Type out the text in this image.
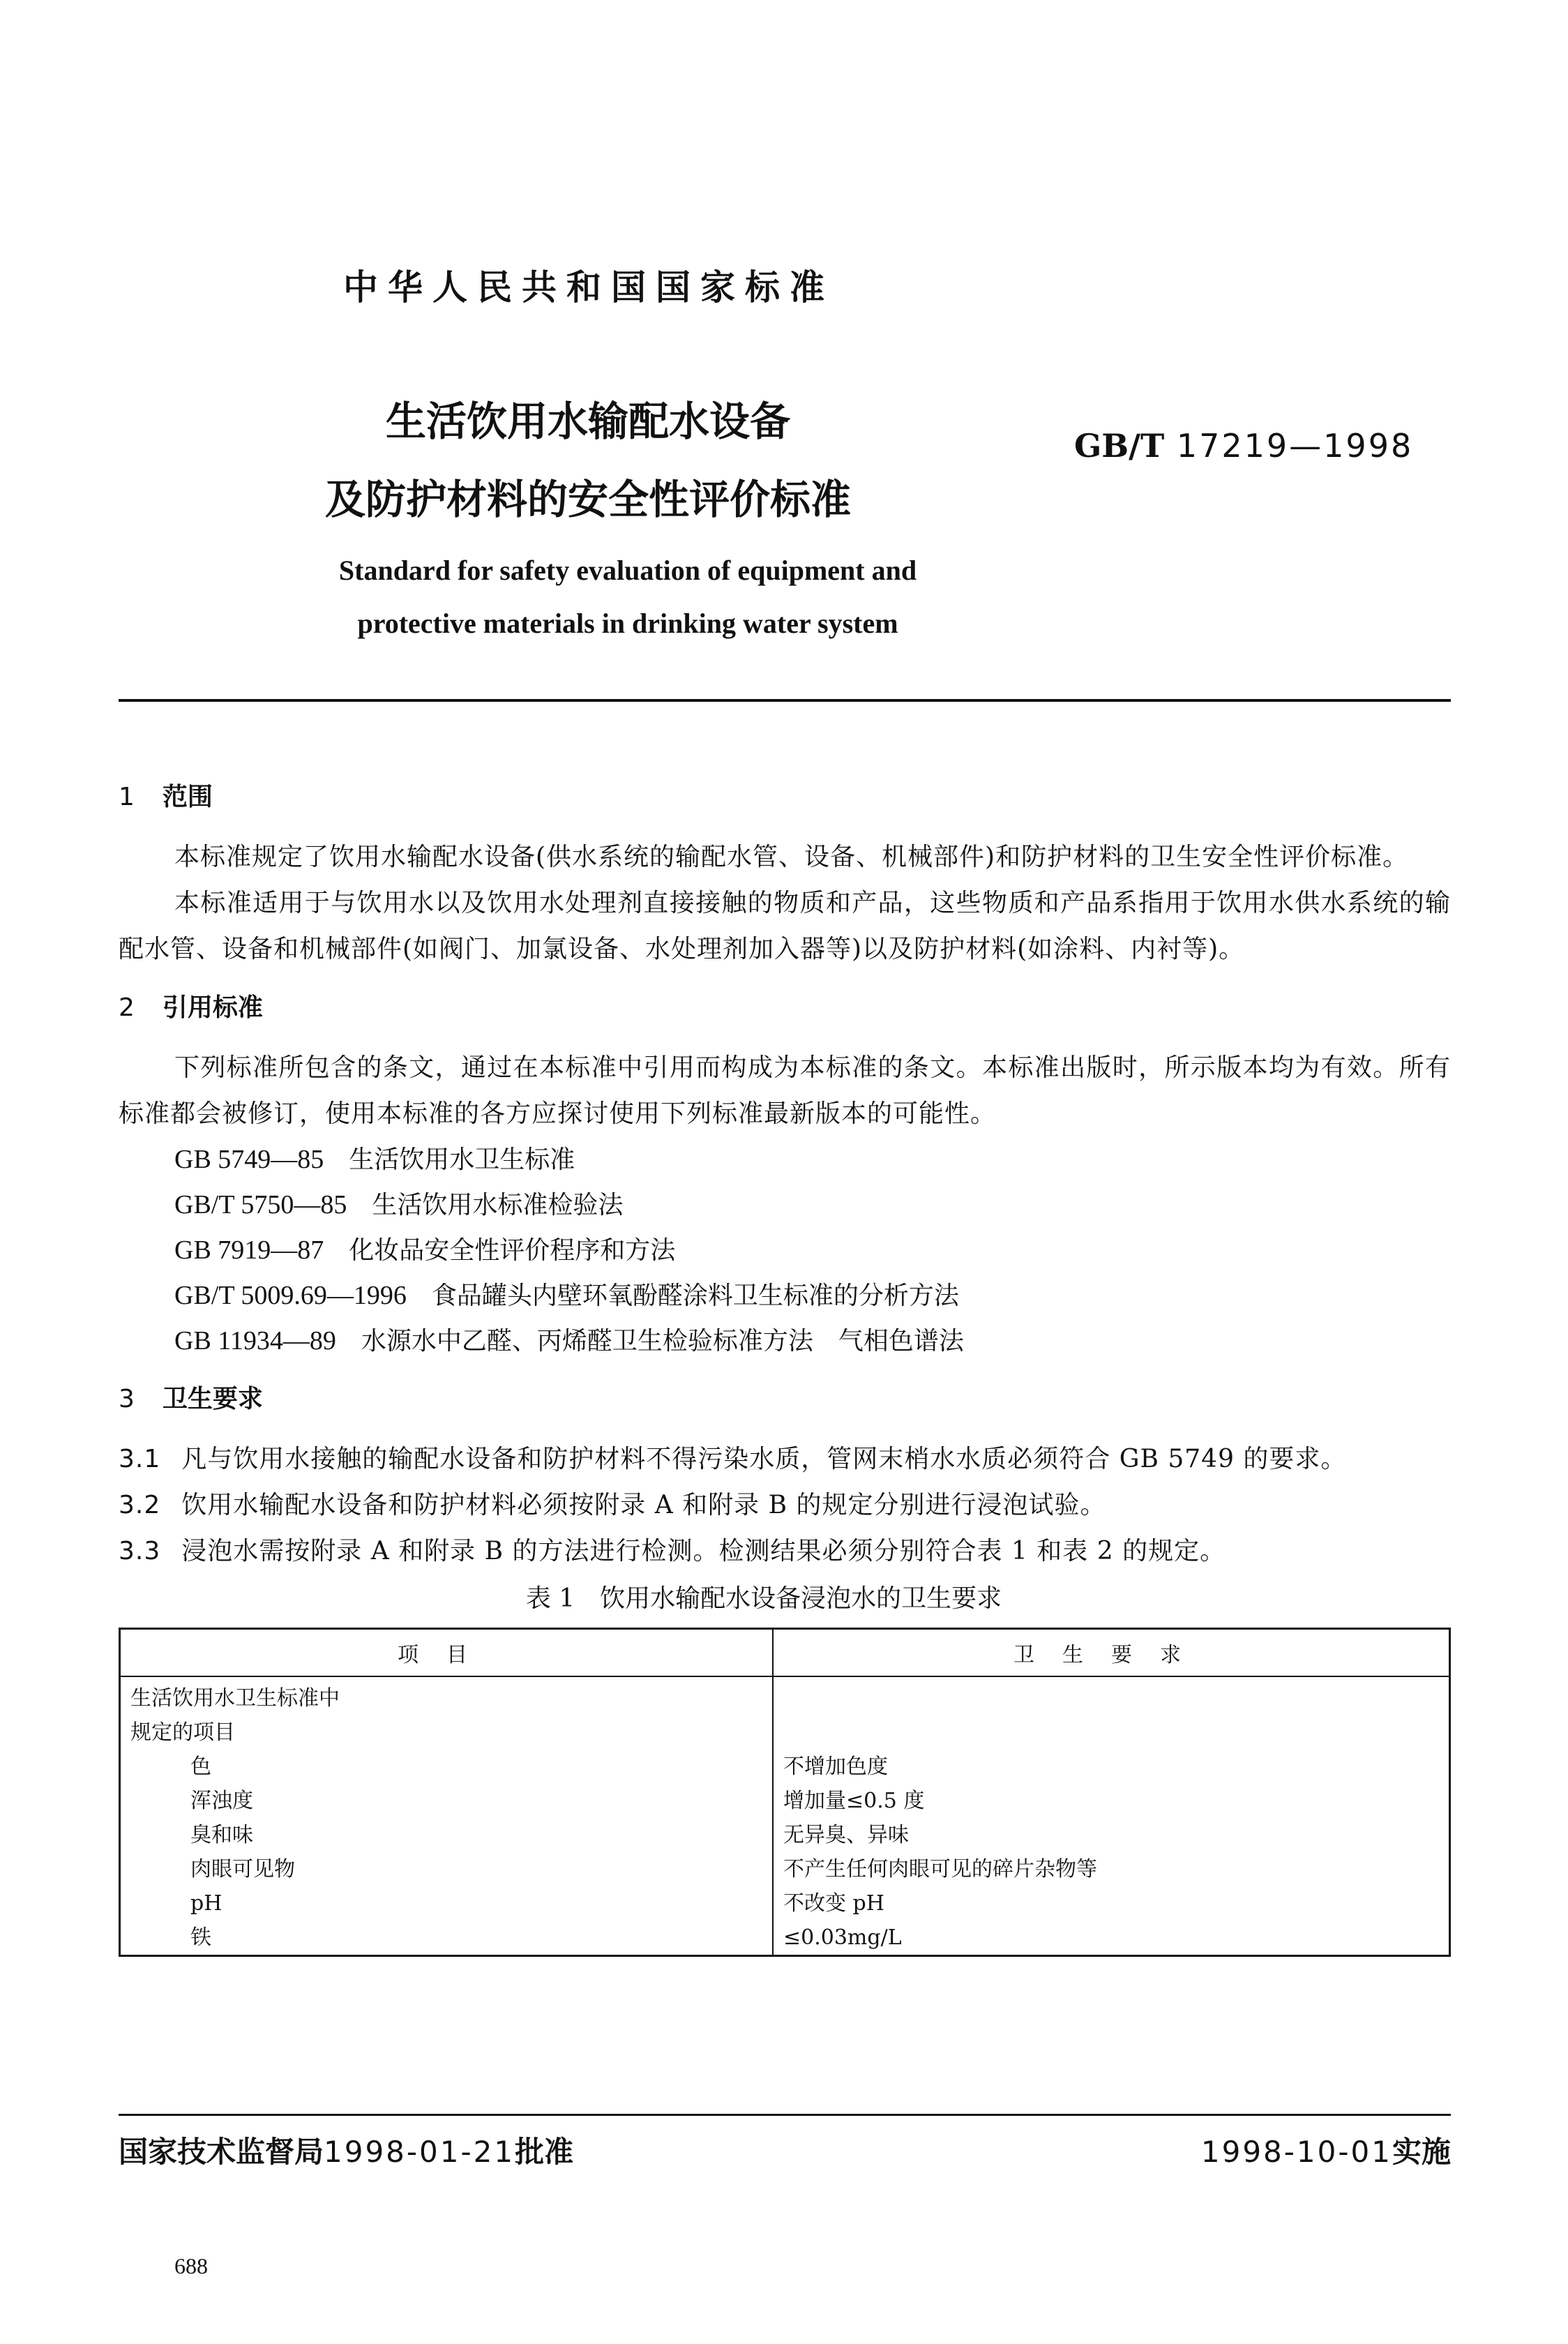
中华人民共和国国家标准
生活饮用水输配水设备
及防护材料的安全性评价标准
GB/T 17219—1998
Standard for safety evaluation of equipment and
protective materials in drinking water system
1 范围
本标准规定了饮用水输配水设备(供水系统的输配水管、设备、机械部件)和防护材料的卫生安全性评价标准。
本标准适用于与饮用水以及饮用水处理剂直接接触的物质和产品，这些物质和产品系指用于饮用水供水系统的输配水管、设备和机械部件(如阀门、加氯设备、水处理剂加入器等)以及防护材料(如涂料、内衬等)。
2 引用标准
下列标准所包含的条文，通过在本标准中引用而构成为本标准的条文。本标准出版时，所示版本均为有效。所有标准都会被修订，使用本标准的各方应探讨使用下列标准最新版本的可能性。
GB 5749—85 生活饮用水卫生标准
GB/T 5750—85 生活饮用水标准检验法
GB 7919—87 化妆品安全性评价程序和方法
GB/T 5009.69—1996 食品罐头内壁环氧酚醛涂料卫生标准的分析方法
GB 11934—89 水源水中乙醛、丙烯醛卫生检验标准方法　气相色谱法
3 卫生要求
3.1 凡与饮用水接触的输配水设备和防护材料不得污染水质，管网末梢水水质必须符合 GB 5749 的要求。
3.2 饮用水输配水设备和防护材料必须按附录 A 和附录 B 的规定分别进行浸泡试验。
3.3 浸泡水需按附录 A 和附录 B 的方法进行检测。检测结果必须分别符合表 1 和表 2 的规定。
表 1　饮用水输配水设备浸泡水的卫生要求
项目	卫生要求
生活饮用水卫生标准中	
规定的项目	
色	不增加色度
浑浊度	增加量≤0.5 度
臭和味	无异臭、异味
肉眼可见物	不产生任何肉眼可见的碎片杂物等
pH	不改变 pH
铁	≤0.03mg/L
国家技术监督局1998-01-21批准	1998-10-01实施
688
